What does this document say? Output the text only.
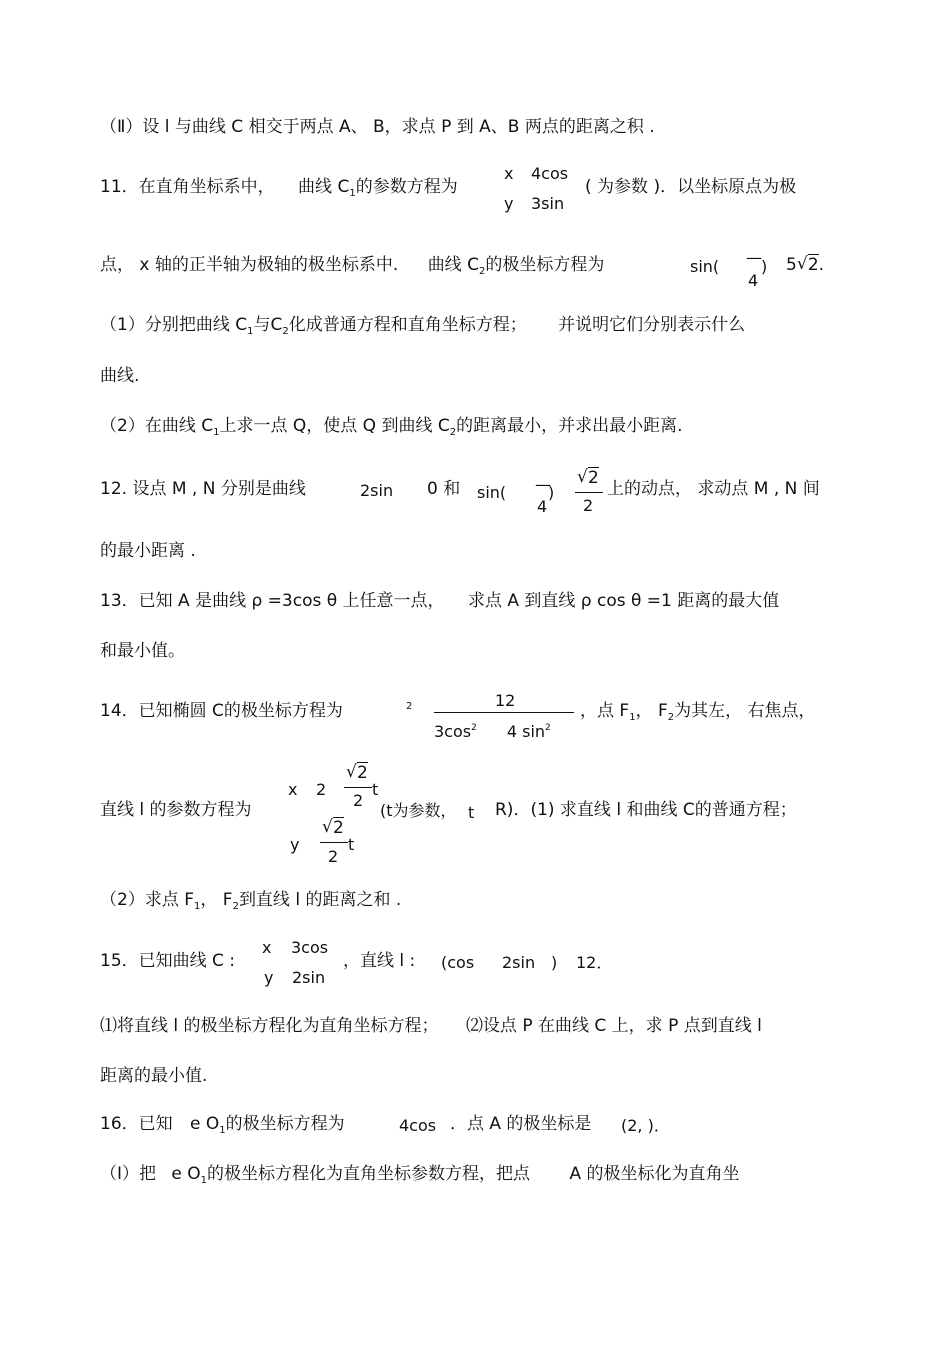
（Ⅱ）设 l 与曲线 C 相交于两点 A、 B，求点 P 到 A、B 两点的距离之积 .
11．在直角坐标系中， 曲线 $C_1$的参数方程为
x 4cos
y 3sin
( 为参数 )．以坐标原点为极
点， x 轴的正半轴为极轴的极坐标系中. 曲线 $C_2$的极坐标方程为	sin( —
4
) 5√ 2.
（1）分别把曲线 $C_1$与$C_2$化成普通方程和直角坐标方程； 并说明它们分别表示什么
曲线.
（2）在曲线 $C_1$上求一点 Q，使点 Q 到曲线 $C_2$的距离最小，并求出最小距离.
12. 设点 M , N 分别是曲线	2sin 0 和 sin( —
4
)
√ 2
2
上的动点， 求动点 M , N 间
的最小距离 .
13．已知 A 是曲线 ρ =3cos θ 上任意一点， 求点 A 到直线 ρ cos θ =1 距离的最大值
和最小值。
14．已知椭圆 C的极坐标方程为	2	12
$3\cos^2$ 4 $\sin^2$
，点 $F_1$， $F_2$为其左， 右焦点，
直线 l 的参数方程为
x 2
√ 2
2
t
y
√ 2
2
t
(t为参数， t R)．(1) 求直线 l 和曲线 C的普通方程；
（2）求点 $F_1$， $F_2$到直线 l 的距离之和 .
15．已知曲线 C :
x 3cos
y 2sin
，直线 l : (cos 2sin ) 12．
⑴将直线 l 的极坐标方程化为直角坐标方程； ⑵设点 P 在曲线 C 上，求 P 点到直线 l
距离的最小值.
16．已知 e $O_1$的极坐标方程为	4cos ．点 A 的极坐标是 (2, )．
（Ⅰ）把 e $O_1$的极坐标方程化为直角坐标参数方程，把点 A 的极坐标化为直角坐
